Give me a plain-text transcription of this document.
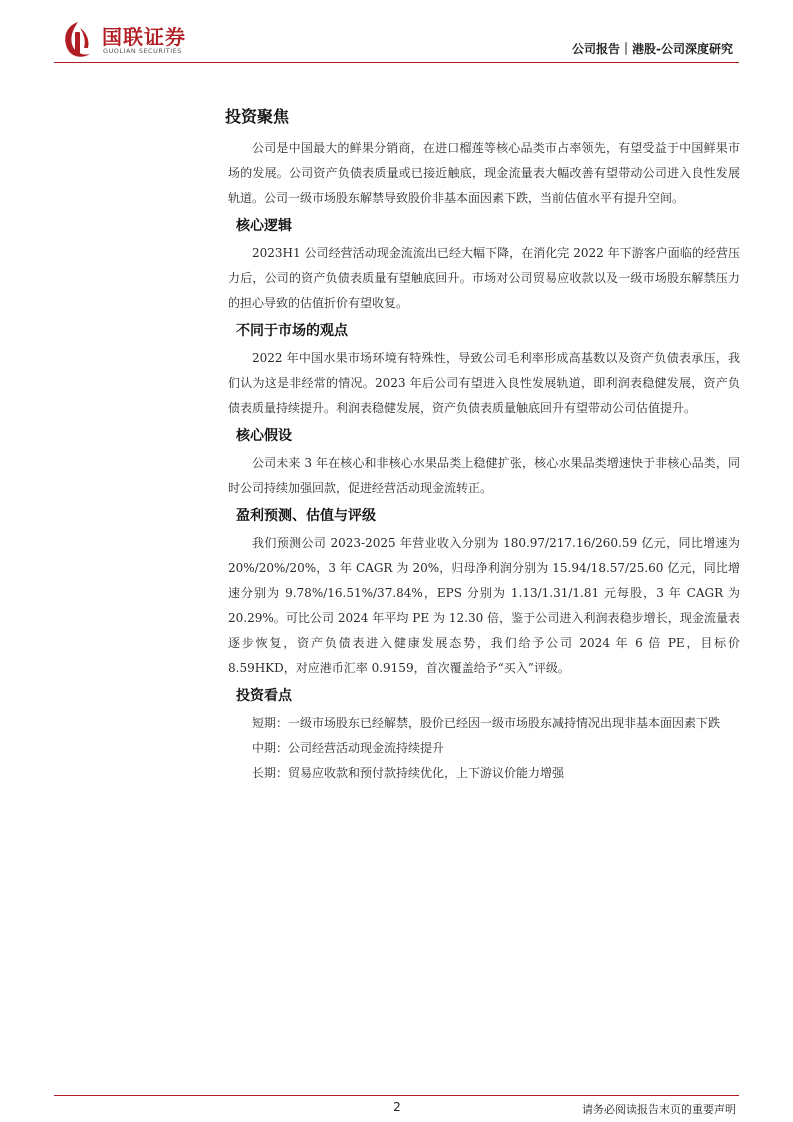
国联证券
GUOLIAN SECURITIES	公司报告｜港股-公司深度研究
投资聚焦

公司是中国最大的鲜果分销商，在进口榴莲等核心品类市占率领先，有望受益于中国鲜果市场的发展。公司资产负债表质量或已接近触底，现金流量表大幅改善有望带动公司进入良性发展轨道。公司一级市场股东解禁导致股价非基本面因素下跌，当前估值水平有提升空间。

核心逻辑

2023H1 公司经营活动现金流流出已经大幅下降，在消化完 2022 年下游客户面临的经营压力后，公司的资产负债表质量有望触底回升。市场对公司贸易应收款以及一级市场股东解禁压力的担心导致的估值折价有望收复。

不同于市场的观点

2022 年中国水果市场环境有特殊性，导致公司毛利率形成高基数以及资产负债表承压，我们认为这是非经常的情况。2023 年后公司有望进入良性发展轨道，即利润表稳健发展，资产负债表质量持续提升。利润表稳健发展，资产负债表质量触底回升有望带动公司估值提升。

核心假设

公司未来 3 年在核心和非核心水果品类上稳健扩张，核心水果品类增速快于非核心品类，同时公司持续加强回款，促进经营活动现金流转正。

盈利预测、估值与评级

我们预测公司 2023-2025 年营业收入分别为 180.97/217.16/260.59 亿元，同比增速为 20%/20%/20%，3 年 CAGR 为 20%，归母净利润分别为 15.94/18.57/25.60 亿元，同比增速分别为 9.78%/16.51%/37.84%，EPS 分别为 1.13/1.31/1.81 元每股，3 年 CAGR 为 20.29%。可比公司 2024 年平均 PE 为 12.30 倍，鉴于公司进入利润表稳步增长，现金流量表逐步恢复，资产负债表进入健康发展态势，我们给予公司 2024 年 6 倍 PE，目标价 8.59HKD，对应港币汇率 0.9159，首次覆盖给予“买入”评级。

投资看点

短期：一级市场股东已经解禁，股价已经因一级市场股东减持情况出现非基本面因素下跌

中期：公司经营活动现金流持续提升

长期：贸易应收款和预付款持续优化，上下游议价能力增强

2	请务必阅读报告末页的重要声明
